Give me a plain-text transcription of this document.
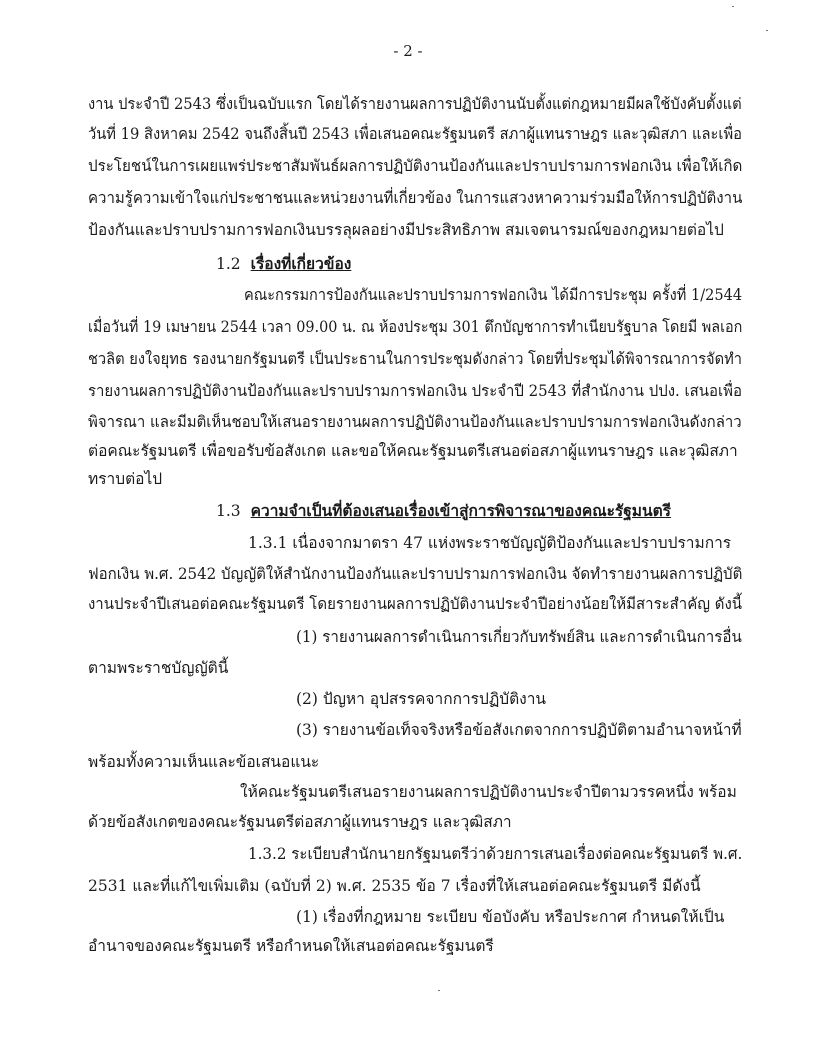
- 2 -
งาน ประจำปี 2543 ซึ่งเป็นฉบับแรก โดยได้รายงานผลการปฏิบัติงานนับตั้งแต่กฎหมายมีผลใช้บังคับตั้งแต่
วันที่ 19 สิงหาคม 2542 จนถึงสิ้นปี 2543 เพื่อเสนอคณะรัฐมนตรี สภาผู้แทนราษฎร และวุฒิสภา และเพื่อ
ประโยชน์ในการเผยแพร่ประชาสัมพันธ์ผลการปฏิบัติงานป้องกันและปราบปรามการฟอกเงิน เพื่อให้เกิด
ความรู้ความเข้าใจแก่ประชาชนและหน่วยงานที่เกี่ยวข้อง ในการแสวงหาความร่วมมือให้การปฏิบัติงาน
ป้องกันและปราบปรามการฟอกเงินบรรลุผลอย่างมีประสิทธิภาพ สมเจตนารมณ์ของกฎหมายต่อไป
1.2 เรื่องที่เกี่ยวข้อง
คณะกรรมการป้องกันและปราบปรามการฟอกเงิน ได้มีการประชุม ครั้งที่ 1/2544
เมื่อวันที่ 19 เมษายน 2544 เวลา 09.00 น. ณ ห้องประชุม 301 ตึกบัญชาการทำเนียบรัฐบาล โดยมี พลเอก
ชวลิต ยงใจยุทธ รองนายกรัฐมนตรี เป็นประธานในการประชุมดังกล่าว โดยที่ประชุมได้พิจารณาการจัดทำ
รายงานผลการปฏิบัติงานป้องกันและปราบปรามการฟอกเงิน ประจำปี 2543 ที่สำนักงาน ปปง. เสนอเพื่อ
พิจารณา และมีมติเห็นชอบให้เสนอรายงานผลการปฏิบัติงานป้องกันและปราบปรามการฟอกเงินดังกล่าว
ต่อคณะรัฐมนตรี เพื่อขอรับข้อสังเกต และขอให้คณะรัฐมนตรีเสนอต่อสภาผู้แทนราษฎร และวุฒิสภา
ทราบต่อไป
1.3 ความจำเป็นที่ต้องเสนอเรื่องเข้าสู่การพิจารณาของคณะรัฐมนตรี
1.3.1 เนื่องจากมาตรา 47 แห่งพระราชบัญญัติป้องกันและปราบปรามการ
ฟอกเงิน พ.ศ. 2542 บัญญัติให้สำนักงานป้องกันและปราบปรามการฟอกเงิน จัดทำรายงานผลการปฏิบัติ
งานประจำปีเสนอต่อคณะรัฐมนตรี โดยรายงานผลการปฏิบัติงานประจำปีอย่างน้อยให้มีสาระสำคัญ ดังนี้
(1) รายงานผลการดำเนินการเกี่ยวกับทรัพย์สิน และการดำเนินการอื่น
ตามพระราชบัญญัตินี้
(2) ปัญหา อุปสรรคจากการปฏิบัติงาน
(3) รายงานข้อเท็จจริงหรือข้อสังเกตจากการปฏิบัติตามอำนาจหน้าที่
พร้อมทั้งความเห็นและข้อเสนอแนะ
ให้คณะรัฐมนตรีเสนอรายงานผลการปฏิบัติงานประจำปีตามวรรคหนึ่ง พร้อม
ด้วยข้อสังเกตของคณะรัฐมนตรีต่อสภาผู้แทนราษฎร และวุฒิสภา
1.3.2 ระเบียบสำนักนายกรัฐมนตรีว่าด้วยการเสนอเรื่องต่อคณะรัฐมนตรี พ.ศ.
2531 และที่แก้ไขเพิ่มเติม (ฉบับที่ 2) พ.ศ. 2535 ข้อ 7 เรื่องที่ให้เสนอต่อคณะรัฐมนตรี มีดังนี้
(1) เรื่องที่กฎหมาย ระเบียบ ข้อบังคับ หรือประกาศ กำหนดให้เป็น
อำนาจของคณะรัฐมนตรี หรือกำหนดให้เสนอต่อคณะรัฐมนตรี
